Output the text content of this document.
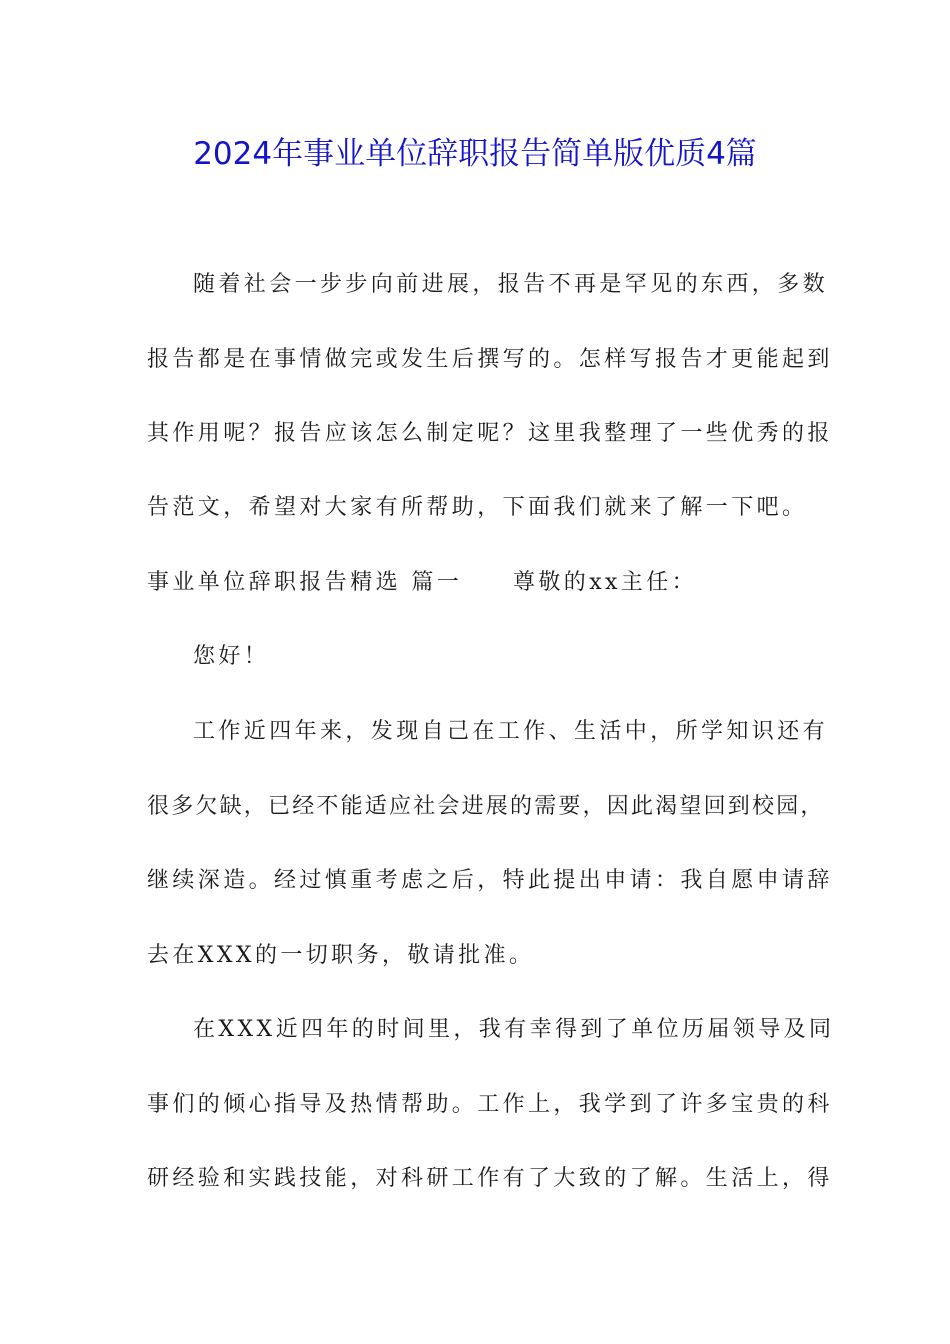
2024年事业单位辞职报告简单版优质4篇
随着社会一步步向前进展，报告不再是罕见的东西，多数
报告都是在事情做完或发生后撰写的。怎样写报告才更能起到
其作用呢？报告应该怎么制定呢？这里我整理了一些优秀的报
告范文，希望对大家有所帮助，下面我们就来了解一下吧。
事业单位辞职报告精选 篇一　　尊敬的xx主任：
您好！
工作近四年来，发现自己在工作、生活中，所学知识还有
很多欠缺，已经不能适应社会进展的需要，因此渴望回到校园，
继续深造。经过慎重考虑之后，特此提出申请：我自愿申请辞
去在XXX的一切职务，敬请批准。
在XXX近四年的时间里，我有幸得到了单位历届领导及同
事们的倾心指导及热情帮助。工作上，我学到了许多宝贵的科
研经验和实践技能，对科研工作有了大致的了解。生活上，得
